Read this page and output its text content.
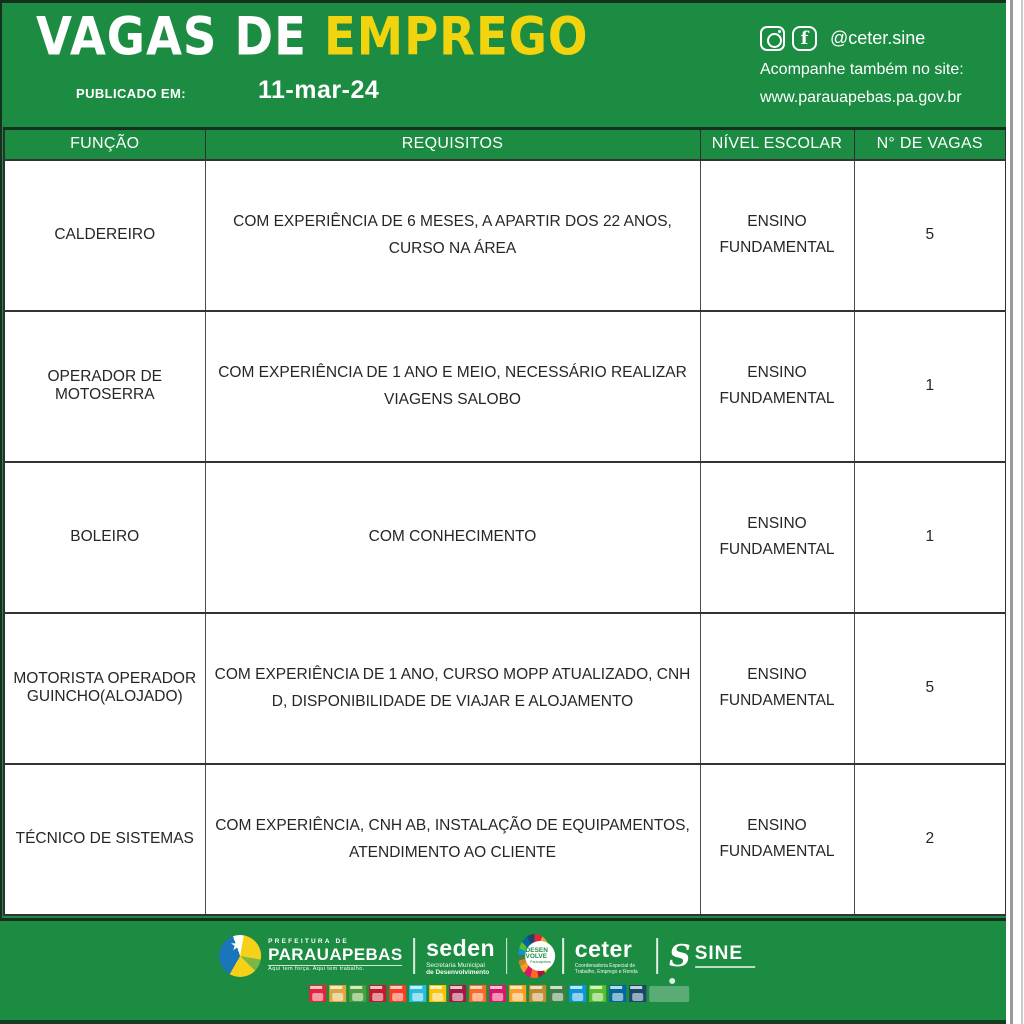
VAGAS DE EMPREGO
PUBLICADO EM:	11-mar-24
f	@ceter.sine
Acompanhe também no site:
www.parauapebas.pa.gov.br
FUNÇÃO	REQUISITOS	NÍVEL ESCOLAR	N° DE VAGAS
CALDEREIRO	COM EXPERIÊNCIA DE 6 MESES, A APARTIR DOS 22 ANOS, CURSO NA ÁREA	ENSINO FUNDAMENTAL	5
OPERADOR DE MOTOSERRA	COM EXPERIÊNCIA DE 1 ANO E MEIO, NECESSÁRIO REALIZAR VIAGENS SALOBO	ENSINO FUNDAMENTAL	1
BOLEIRO	COM CONHECIMENTO	ENSINO FUNDAMENTAL	1
MOTORISTA OPERADOR GUINCHO(ALOJADO)	COM EXPERIÊNCIA DE 1 ANO, CURSO MOPP ATUALIZADO, CNH D, DISPONIBILIDADE DE VIAJAR E ALOJAMENTO	ENSINO FUNDAMENTAL	5
TÉCNICO DE SISTEMAS	COM EXPERIÊNCIA, CNH AB, INSTALAÇÃO DE EQUIPAMENTOS, ATENDIMENTO AO CLIENTE	ENSINO FUNDAMENTAL	2
★	PREFEITURA DE
PARAUAPEBAS
Aqui tem força. Aqui tem trabalho.
seden
Secretaria Municipal
de Desenvolvimento
DESEN VOLVE
Parauapebas ceter
Coordenadoria Especial de Trabalho, Emprego e Renda S SINE
